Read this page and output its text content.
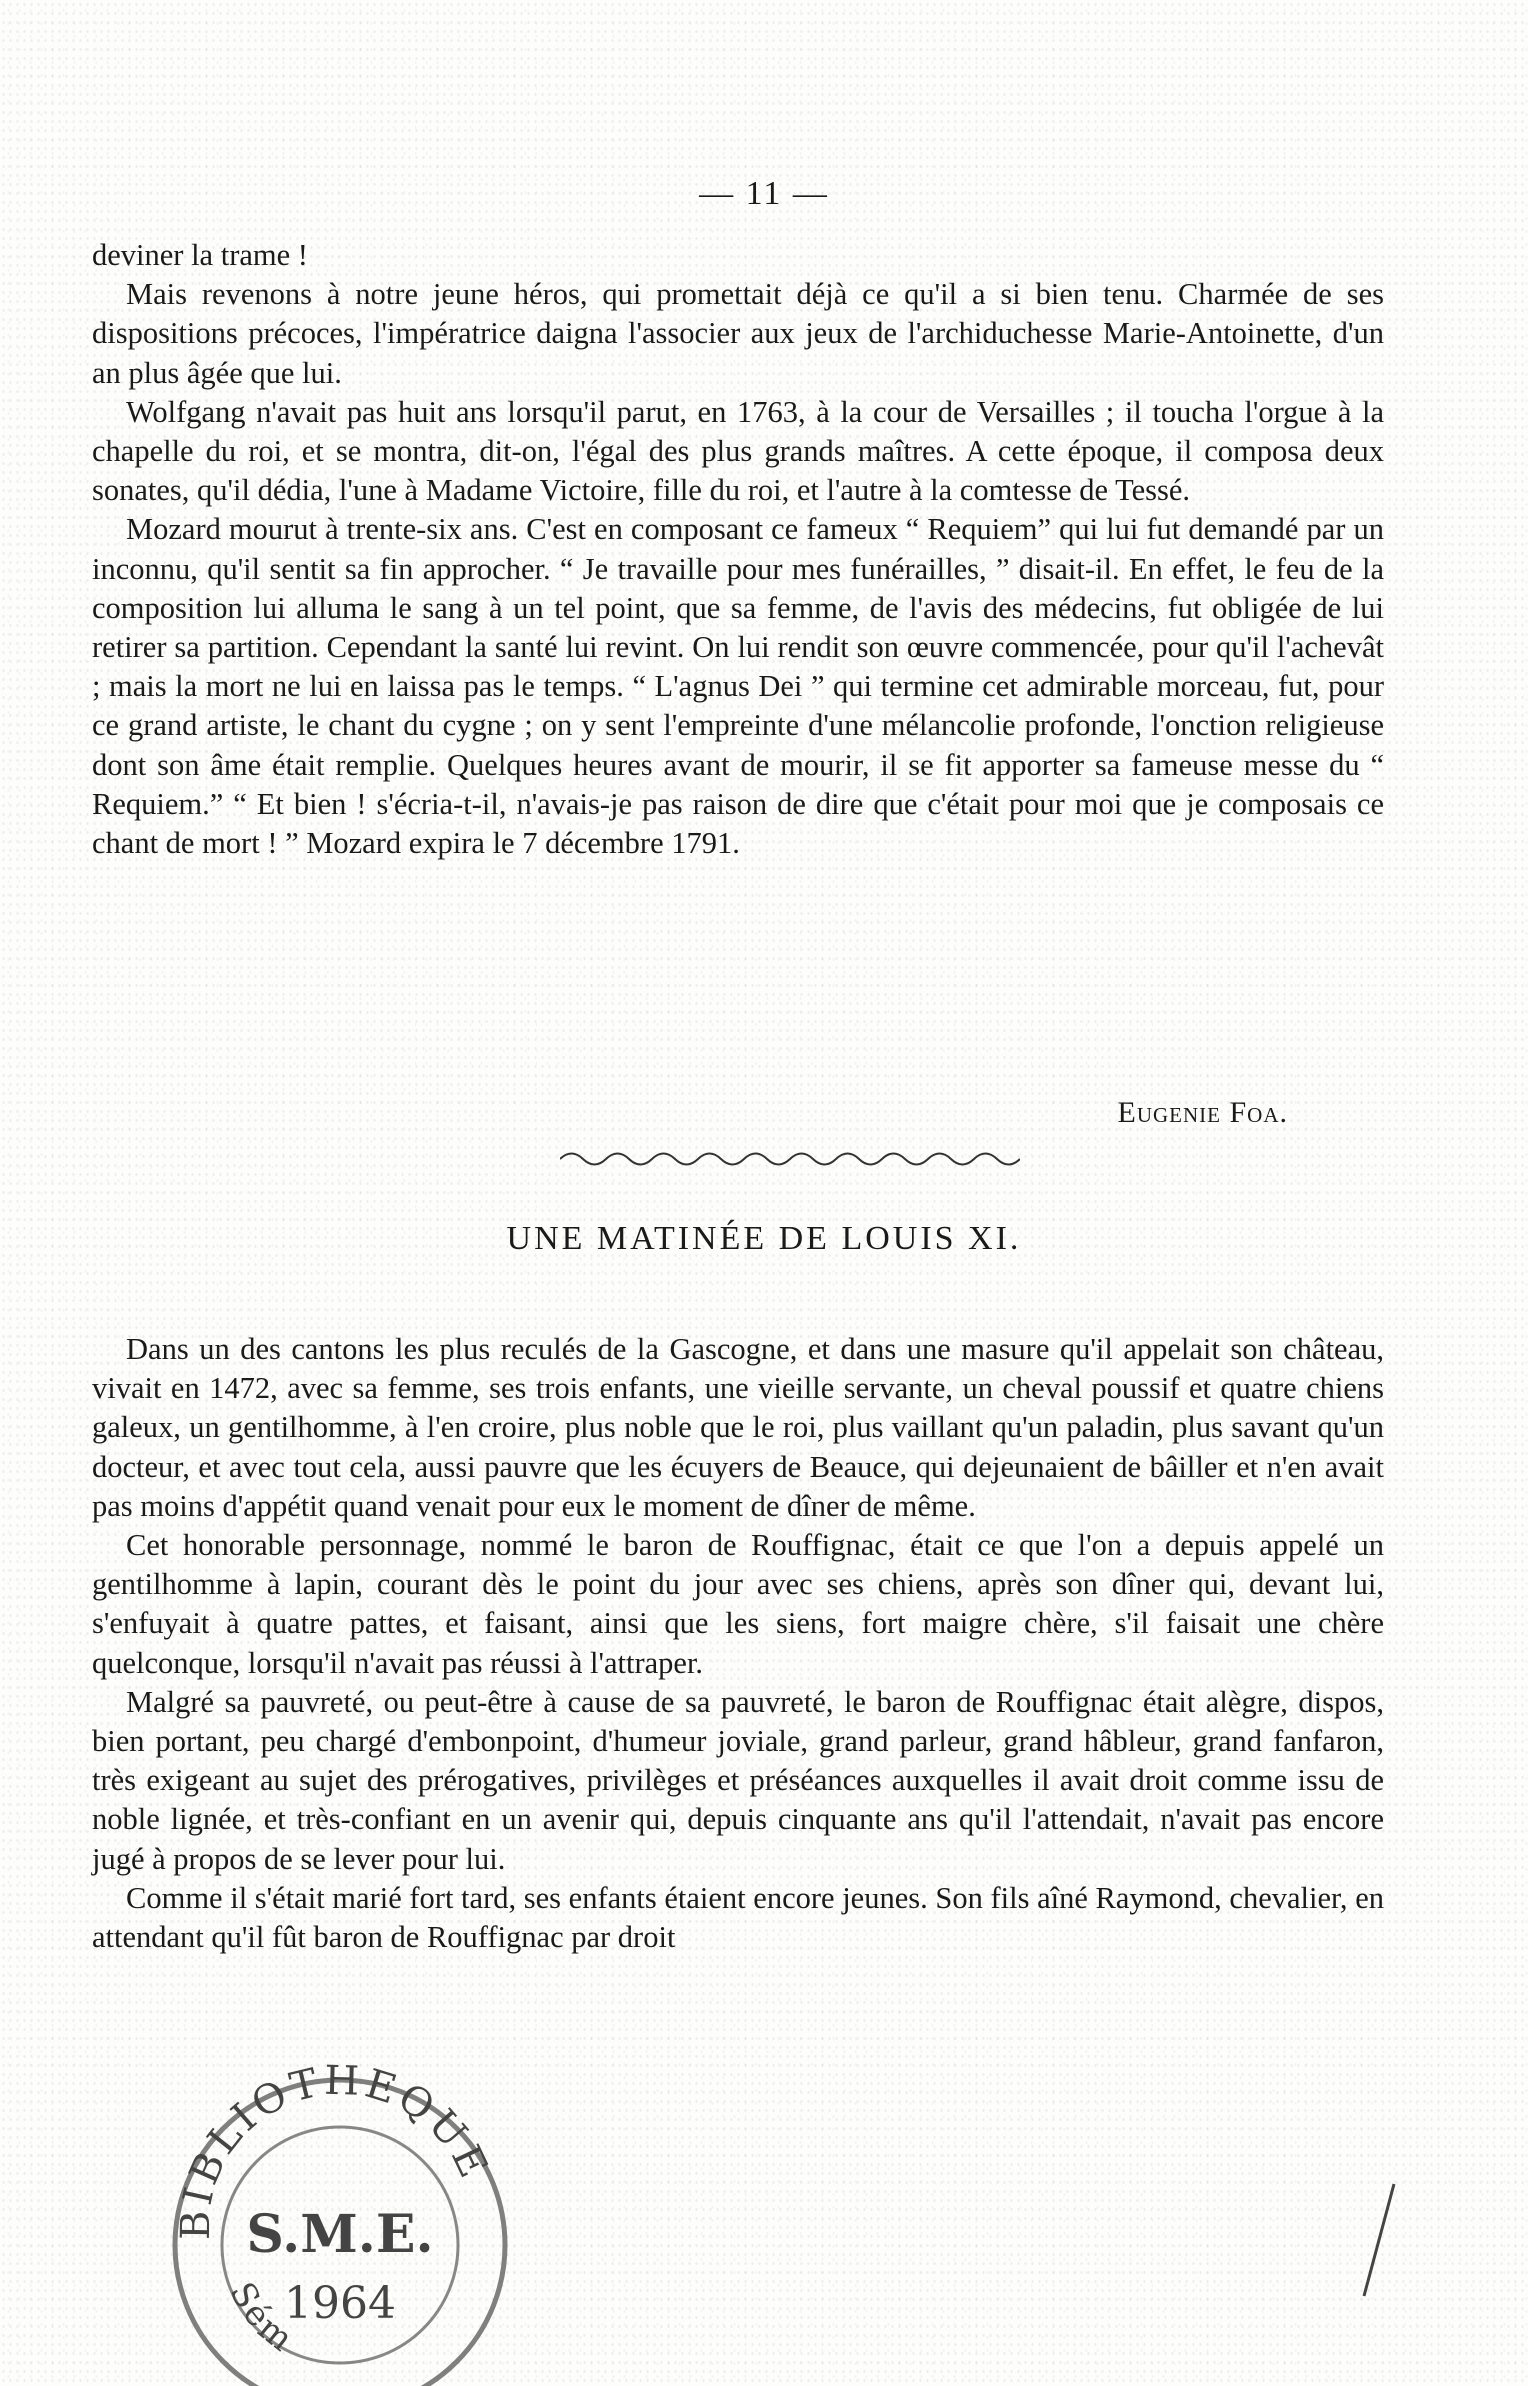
— 11 —

deviner la trame !

Mais revenons à notre jeune héros, qui promettait déjà ce qu'il a si bien tenu. Charmée de ses dispositions précoces, l'impératrice daigna l'associer aux jeux de l'archiduchesse Marie-Antoinette, d'un an plus âgée que lui.

Wolfgang n'avait pas huit ans lorsqu'il parut, en 1763, à la cour de Versailles ; il toucha l'orgue à la chapelle du roi, et se montra, dit-on, l'égal des plus grands maîtres. A cette époque, il composa deux sonates, qu'il dédia, l'une à Madame Victoire, fille du roi, et l'autre à la comtesse de Tessé.

Mozard mourut à trente-six ans. C'est en composant ce fameux “ Requiem” qui lui fut demandé par un inconnu, qu'il sentit sa fin approcher. “ Je travaille pour mes funérailles, ” disait-il. En effet, le feu de la composition lui alluma le sang à un tel point, que sa femme, de l'avis des médecins, fut obligée de lui retirer sa partition. Cependant la santé lui revint. On lui rendit son œuvre commencée, pour qu'il l'achevât ; mais la mort ne lui en laissa pas le temps. “ L'agnus Dei ” qui termine cet admirable morceau, fut, pour ce grand artiste, le chant du cygne ; on y sent l'empreinte d'une mélancolie profonde, l'onction religieuse dont son âme était remplie. Quelques heures avant de mourir, il se fit apporter sa fameuse messe du “ Requiem.” “ Et bien ! s'écria-t-il, n'avais-je pas raison de dire que c'était pour moi que je composais ce chant de mort ! ” Mozard expira le 7 décembre 1791.

Eugenie Foa.
UNE MATINÉE DE LOUIS XI.

Dans un des cantons les plus reculés de la Gascogne, et dans une masure qu'il appelait son château, vivait en 1472, avec sa femme, ses trois enfants, une vieille servante, un cheval poussif et quatre chiens galeux, un gentilhomme, à l'en croire, plus noble que le roi, plus vaillant qu'un paladin, plus savant qu'un docteur, et avec tout cela, aussi pauvre que les écuyers de Beauce, qui dejeunaient de bâiller et n'en avait pas moins d'appétit quand venait pour eux le moment de dîner de même.

Cet honorable personnage, nommé le baron de Rouffignac, était ce que l'on a depuis appelé un gentilhomme à lapin, courant dès le point du jour avec ses chiens, après son dîner qui, devant lui, s'enfuyait à quatre pattes, et faisant, ainsi que les siens, fort maigre chère, s'il faisait une chère quelconque, lorsqu'il n'avait pas réussi à l'attraper.

Malgré sa pauvreté, ou peut-être à cause de sa pauvreté, le baron de Rouffignac était alègre, dispos, bien portant, peu chargé d'embonpoint, d'humeur joviale, grand parleur, grand hâbleur, grand fanfaron, très exigeant au sujet des prérogatives, privilèges et préséances auxquelles il avait droit comme issu de noble lignée, et très-confiant en un avenir qui, depuis cinquante ans qu'il l'attendait, n'avait pas encore jugé à propos de se lever pour lui.

Comme il s'était marié fort tard, ses enfants étaient encore jeunes. Son fils aîné Raymond, chevalier, en attendant qu'il fût baron de Rouffignac par droit

BIBLIOTHEQUE
S.M.E.
1964
Sém
